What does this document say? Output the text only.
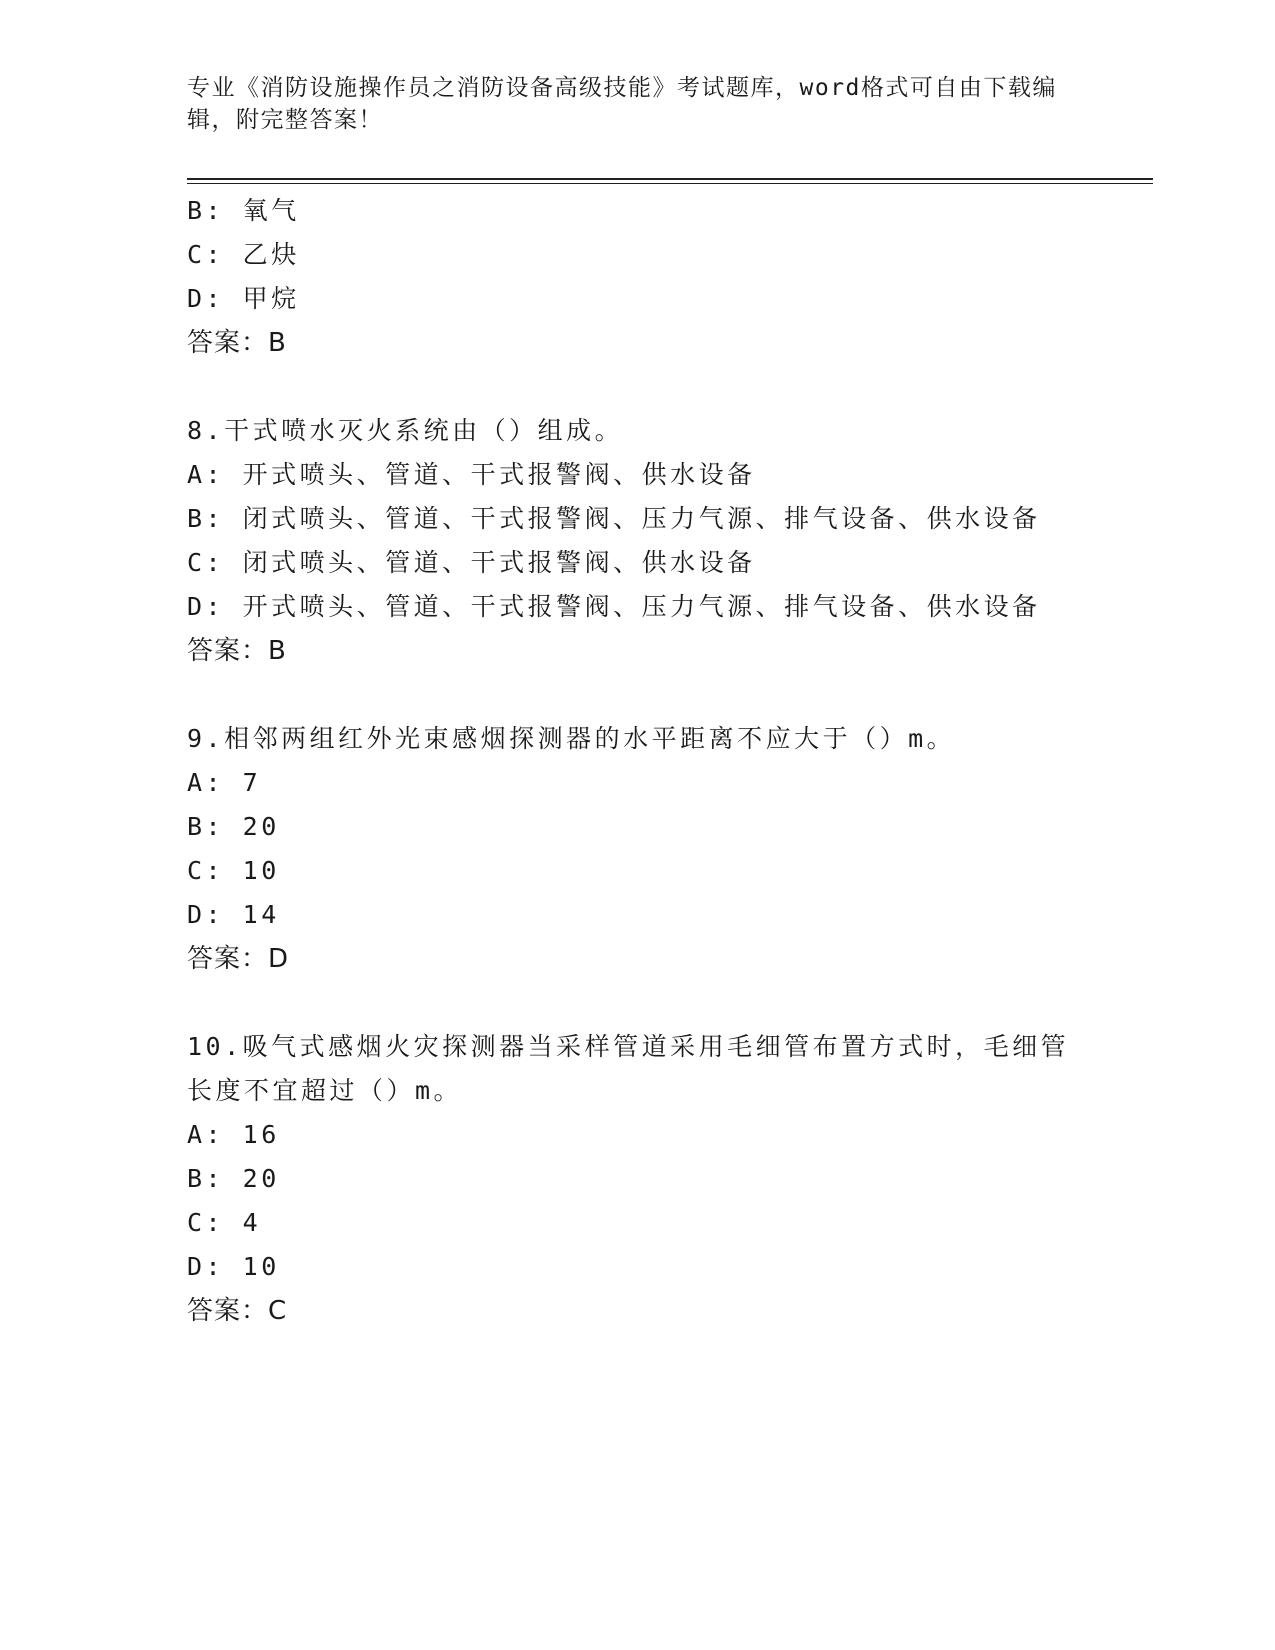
专业《消防设施操作员之消防设备高级技能》考试题库，word格式可自由下载编
辑，附完整答案！
B: 氧气
C: 乙炔
D: 甲烷
答案：B
8.干式喷水灭火系统由（）组成。
A: 开式喷头、管道、干式报警阀、供水设备
B: 闭式喷头、管道、干式报警阀、压力气源、排气设备、供水设备
C: 闭式喷头、管道、干式报警阀、供水设备
D: 开式喷头、管道、干式报警阀、压力气源、排气设备、供水设备
答案：B
9.相邻两组红外光束感烟探测器的水平距离不应大于（）m。
A: 7
B: 20
C: 10
D: 14
答案：D
10.吸气式感烟火灾探测器当采样管道采用毛细管布置方式时，毛细管
长度不宜超过（）m。
A: 16
B: 20
C: 4
D: 10
答案：C
